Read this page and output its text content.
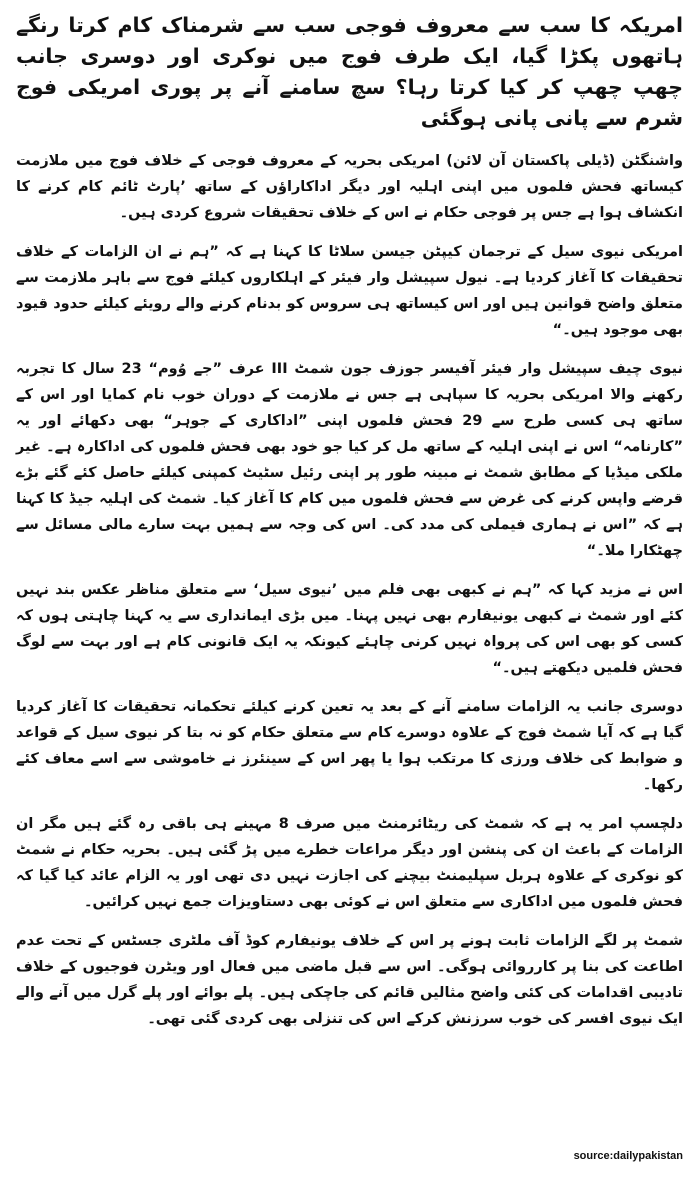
امریکہ کا سب سے معروف فوجی سب سے شرمناک کام کرتا رنگے ہاتھوں پکڑا گیا، ایک طرف فوج میں نوکری اور دوسری جانب چھپ چھپ کر کیا کرتا رہا؟ سچ سامنے آنے پر پوری امریکی فوج شرم سے پانی پانی ہوگئی

واشنگٹن (ڈیلی پاکستان آن لائن) امریکی بحریہ کے معروف فوجی کے خلاف فوج میں ملازمت کیساتھ فحش فلموں میں اپنی اہلیہ اور دیگر اداکاراؤں کے ساتھ ’پارٹ ٹائم کام کرنے کا انکشاف ہوا ہے جس پر فوجی حکام نے اس کے خلاف تحقیقات شروع کردی ہیں۔

امریکی نیوی سیل کے ترجمان کیپٹن جیسن سلاٹا کا کہنا ہے کہ ”ہم نے ان الزامات کے خلاف تحقیقات کا آغاز کردیا ہے۔ نیول سپیشل وار فیئر کے اہلکاروں کیلئے فوج سے باہر ملازمت سے متعلق واضح قوانین ہیں اور اس کیساتھ ہی سروس کو بدنام کرنے والے رویئے کیلئے حدود قیود بھی موجود ہیں۔“

نیوی چیف سپیشل وار فیئر آفیسر جوزف جون شمٹ III عرف ”جے وُوم“ 23 سال کا تجربہ رکھنے والا امریکی بحریہ کا سپاہی ہے جس نے ملازمت کے دوران خوب نام کمایا اور اس کے ساتھ ہی کسی طرح سے 29 فحش فلموں اپنی ”اداکاری کے جوہر“ بھی دکھائے اور یہ ”کارنامہ“ اس نے اپنی اہلیہ کے ساتھ مل کر کیا جو خود بھی فحش فلموں کی اداکارہ ہے۔ غیر ملکی میڈیا کے مطابق شمٹ نے مبینہ طور پر اپنی رئیل سٹیٹ کمپنی کیلئے حاصل کئے گئے بڑے قرضے واپس کرنے کی غرض سے فحش فلموں میں کام کا آغاز کیا۔ شمٹ کی اہلیہ جیڈ کا کہنا ہے کہ ”اس نے ہماری فیملی کی مدد کی۔ اس کی وجہ سے ہمیں بہت سارے مالی مسائل سے چھٹکارا ملا۔“

اس نے مزید کہا کہ ”ہم نے کبھی بھی فلم میں ’نیوی سیل‘ سے متعلق مناظر عکس بند نہیں کئے اور شمٹ نے کبھی یونیفارم بھی نہیں پہنا۔ میں بڑی ایمانداری سے یہ کہنا چاہتی ہوں کہ کسی کو بھی اس کی پرواہ نہیں کرنی چاہئے کیونکہ یہ ایک قانونی کام ہے اور بہت سے لوگ فحش فلمیں دیکھتے ہیں۔“

دوسری جانب یہ الزامات سامنے آنے کے بعد یہ تعین کرنے کیلئے تحکمانہ تحقیقات کا آغاز کردیا گیا ہے کہ آیا شمٹ فوج کے علاوہ دوسرے کام سے متعلق حکام کو نہ بتا کر نیوی سیل کے قواعد و ضوابط کی خلاف ورزی کا مرتکب ہوا یا پھر اس کے سینئرز نے خاموشی سے اسے معاف کئے رکھا۔

دلچسپ امر یہ ہے کہ شمٹ کی ریٹائرمنٹ میں صرف 8 مہینے ہی باقی رہ گئے ہیں مگر ان الزامات کے باعث ان کی پنشن اور دیگر مراعات خطرے میں پڑ گئی ہیں۔ بحریہ حکام نے شمٹ کو نوکری کے علاوہ ہربل سپلیمنٹ بیچنے کی اجازت نہیں دی تھی اور یہ الزام عائد کیا گیا کہ فحش فلموں میں اداکاری سے متعلق اس نے کوئی بھی دستاویزات جمع نہیں کرائیں۔

شمٹ پر لگے الزامات ثابت ہونے پر اس کے خلاف یونیفارم کوڈ آف ملٹری جسٹس کے تحت عدم اطاعت کی بنا پر کارروائی ہوگی۔ اس سے قبل ماضی میں فعال اور ویٹرن فوجیوں کے خلاف تادیبی اقدامات کی کئی واضح مثالیں قائم کی جاچکی ہیں۔ پلے بوائے اور پلے گرل میں آنے والے ایک نیوی افسر کی خوب سرزنش کرکے اس کی تنزلی بھی کردی گئی تھی۔

source:dailypakistan
